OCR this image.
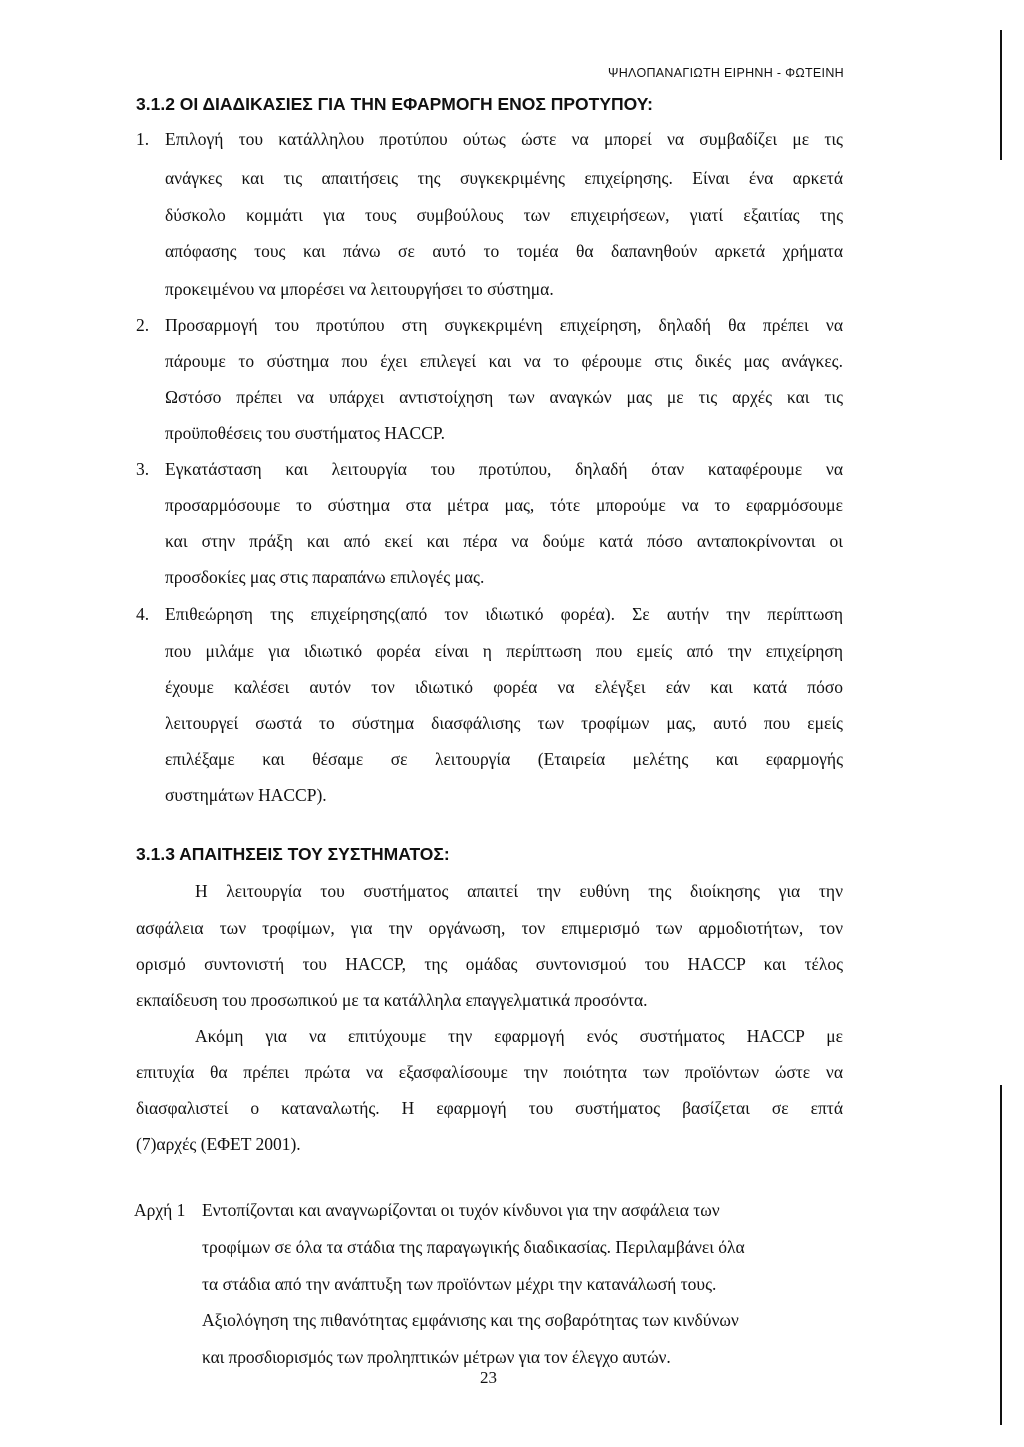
ΨΗΛΟΠΑΝΑΓΙΩΤΗ ΕΙΡΗΝΗ - ΦΩΤΕΙΝΗ
3.1.2 ΟΙ ΔΙΑΔΙΚΑΣΙΕΣ ΓΙΑ ΤΗΝ ΕΦΑΡΜΟΓΗ ΕΝΟΣ ΠΡΟΤΥΠΟΥ:
1. Επιλογή του κατάλληλου προτύπου ούτως ώστε να μπορεί να συμβαδίζει με τις
ανάγκες και τις απαιτήσεις της συγκεκριμένης επιχείρησης. Είναι ένα αρκετά
δύσκολο κομμάτι για τους συμβούλους των επιχειρήσεων, γιατί εξαιτίας της
απόφασης τους και πάνω σε αυτό το τομέα θα δαπανηθούν αρκετά χρήματα
προκειμένου να μπορέσει να λειτουργήσει το σύστημα.
2. Προσαρμογή του προτύπου στη συγκεκριμένη επιχείρηση, δηλαδή θα πρέπει να
πάρουμε το σύστημα που έχει επιλεγεί και να το φέρουμε στις δικές μας ανάγκες.
Ωστόσο πρέπει να υπάρχει αντιστοίχηση των αναγκών μας με τις αρχές και τις
προϋποθέσεις του συστήματος HACCP.
3. Εγκατάσταση και λειτουργία του προτύπου, δηλαδή όταν καταφέρουμε να
προσαρμόσουμε το σύστημα στα μέτρα μας, τότε μπορούμε να το εφαρμόσουμε
και στην πράξη και από εκεί και πέρα να δούμε κατά πόσο ανταποκρίνονται οι
προσδοκίες μας στις παραπάνω επιλογές μας.
4. Επιθεώρηση της επιχείρησης(από τον ιδιωτικό φορέα). Σε αυτήν την περίπτωση
που μιλάμε για ιδιωτικό φορέα είναι η περίπτωση που εμείς από την επιχείρηση
έχουμε καλέσει αυτόν τον ιδιωτικό φορέα να ελέγξει εάν και κατά πόσο
λειτουργεί σωστά το σύστημα διασφάλισης των τροφίμων μας, αυτό που εμείς
επιλέξαμε και θέσαμε σε λειτουργία (Εταιρεία μελέτης και εφαρμογής
συστημάτων HACCP).
3.1.3 ΑΠΑΙΤΗΣΕΙΣ ΤΟΥ ΣΥΣΤΗΜΑΤΟΣ:
Η λειτουργία του συστήματος απαιτεί την ευθύνη της διοίκησης για την
ασφάλεια των τροφίμων, για την οργάνωση, τον επιμερισμό των αρμοδιοτήτων, τον
ορισμό συντονιστή του HACCP, της ομάδας συντονισμού του HACCP και τέλος
εκπαίδευση του προσωπικού με τα κατάλληλα επαγγελματικά προσόντα.
Ακόμη για να επιτύχουμε την εφαρμογή ενός συστήματος HACCP με
επιτυχία θα πρέπει πρώτα να εξασφαλίσουμε την ποιότητα των προϊόντων ώστε να
διασφαλιστεί ο καταναλωτής. Η εφαρμογή του συστήματος βασίζεται σε επτά
(7)αρχές (ΕΦΕΤ 2001).
Αρχή 1 Εντοπίζονται και αναγνωρίζονται οι τυχόν κίνδυνοι για την ασφάλεια των
τροφίμων σε όλα τα στάδια της παραγωγικής διαδικασίας. Περιλαμβάνει όλα
τα στάδια από την ανάπτυξη των προϊόντων μέχρι την κατανάλωσή τους.
Αξιολόγηση της πιθανότητας εμφάνισης και της σοβαρότητας των κινδύνων
και προσδιορισμός των προληπτικών μέτρων για τον έλεγχο αυτών.
23
